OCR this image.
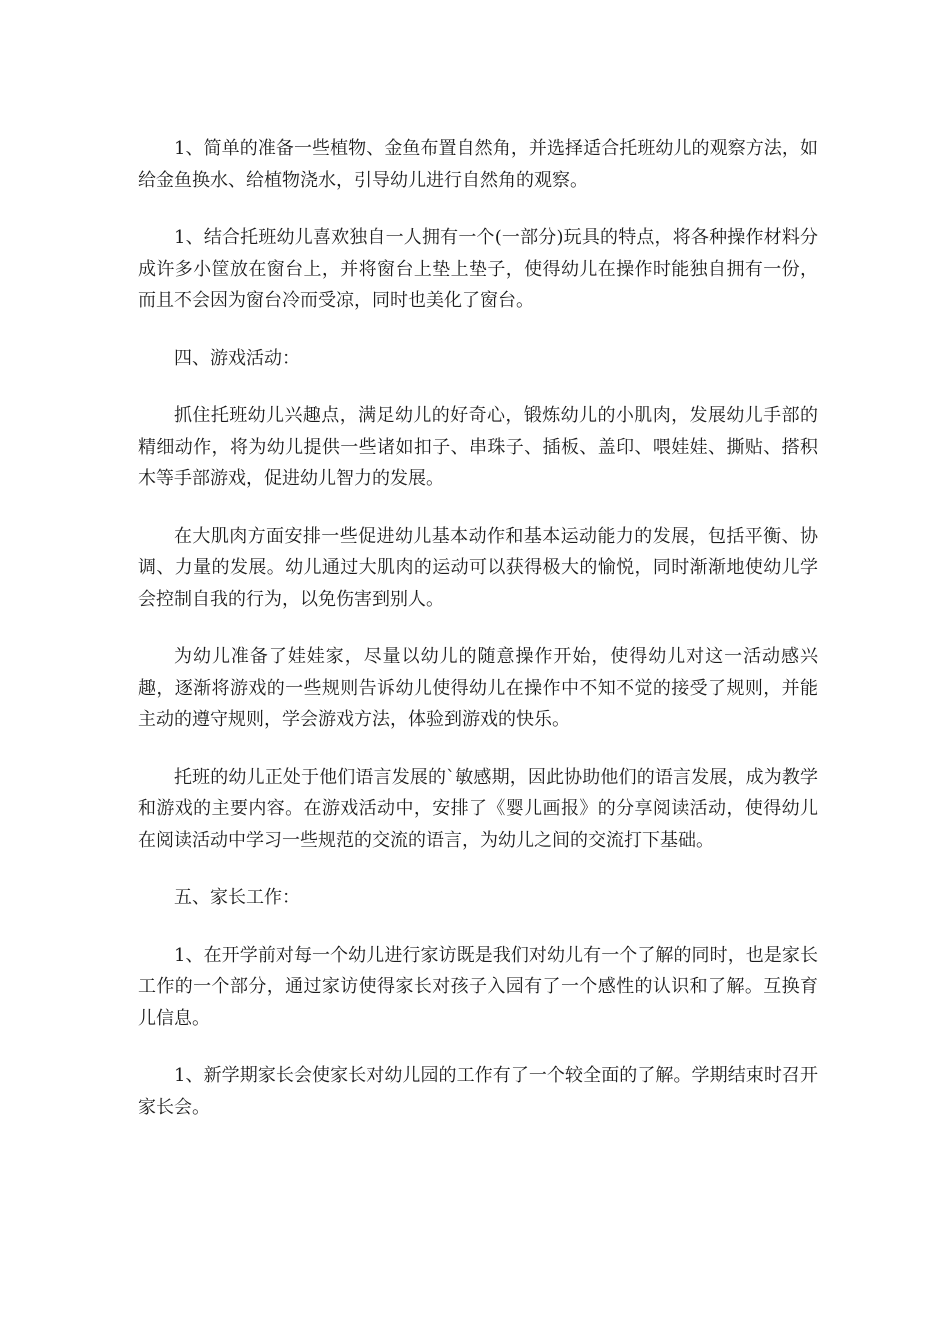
1、简单的准备一些植物、金鱼布置自然角，并选择适合托班幼儿的观察方法，如给金鱼换水、给植物浇水，引导幼儿进行自然角的观察。

1、结合托班幼儿喜欢独自一人拥有一个(一部分)玩具的特点，将各种操作材料分成许多小筐放在窗台上，并将窗台上垫上垫子，使得幼儿在操作时能独自拥有一份，而且不会因为窗台冷而受凉，同时也美化了窗台。

四、游戏活动：

抓住托班幼儿兴趣点，满足幼儿的好奇心，锻炼幼儿的小肌肉，发展幼儿手部的精细动作，将为幼儿提供一些诸如扣子、串珠子、插板、盖印、喂娃娃、撕贴、搭积木等手部游戏，促进幼儿智力的发展。

在大肌肉方面安排一些促进幼儿基本动作和基本运动能力的发展，包括平衡、协调、力量的发展。幼儿通过大肌肉的运动可以获得极大的愉悦，同时渐渐地使幼儿学会控制自我的行为，以免伤害到别人。

为幼儿准备了娃娃家，尽量以幼儿的随意操作开始，使得幼儿对这一活动感兴趣，逐渐将游戏的一些规则告诉幼儿使得幼儿在操作中不知不觉的接受了规则，并能主动的遵守规则，学会游戏方法，体验到游戏的快乐。

托班的幼儿正处于他们语言发展的`敏感期，因此协助他们的语言发展，成为教学和游戏的主要内容。在游戏活动中，安排了《婴儿画报》的分享阅读活动，使得幼儿在阅读活动中学习一些规范的交流的语言，为幼儿之间的交流打下基础。

五、家长工作：

1、在开学前对每一个幼儿进行家访既是我们对幼儿有一个了解的同时，也是家长工作的一个部分，通过家访使得家长对孩子入园有了一个感性的认识和了解。互换育儿信息。

1、新学期家长会使家长对幼儿园的工作有了一个较全面的了解。学期结束时召开家长会。
